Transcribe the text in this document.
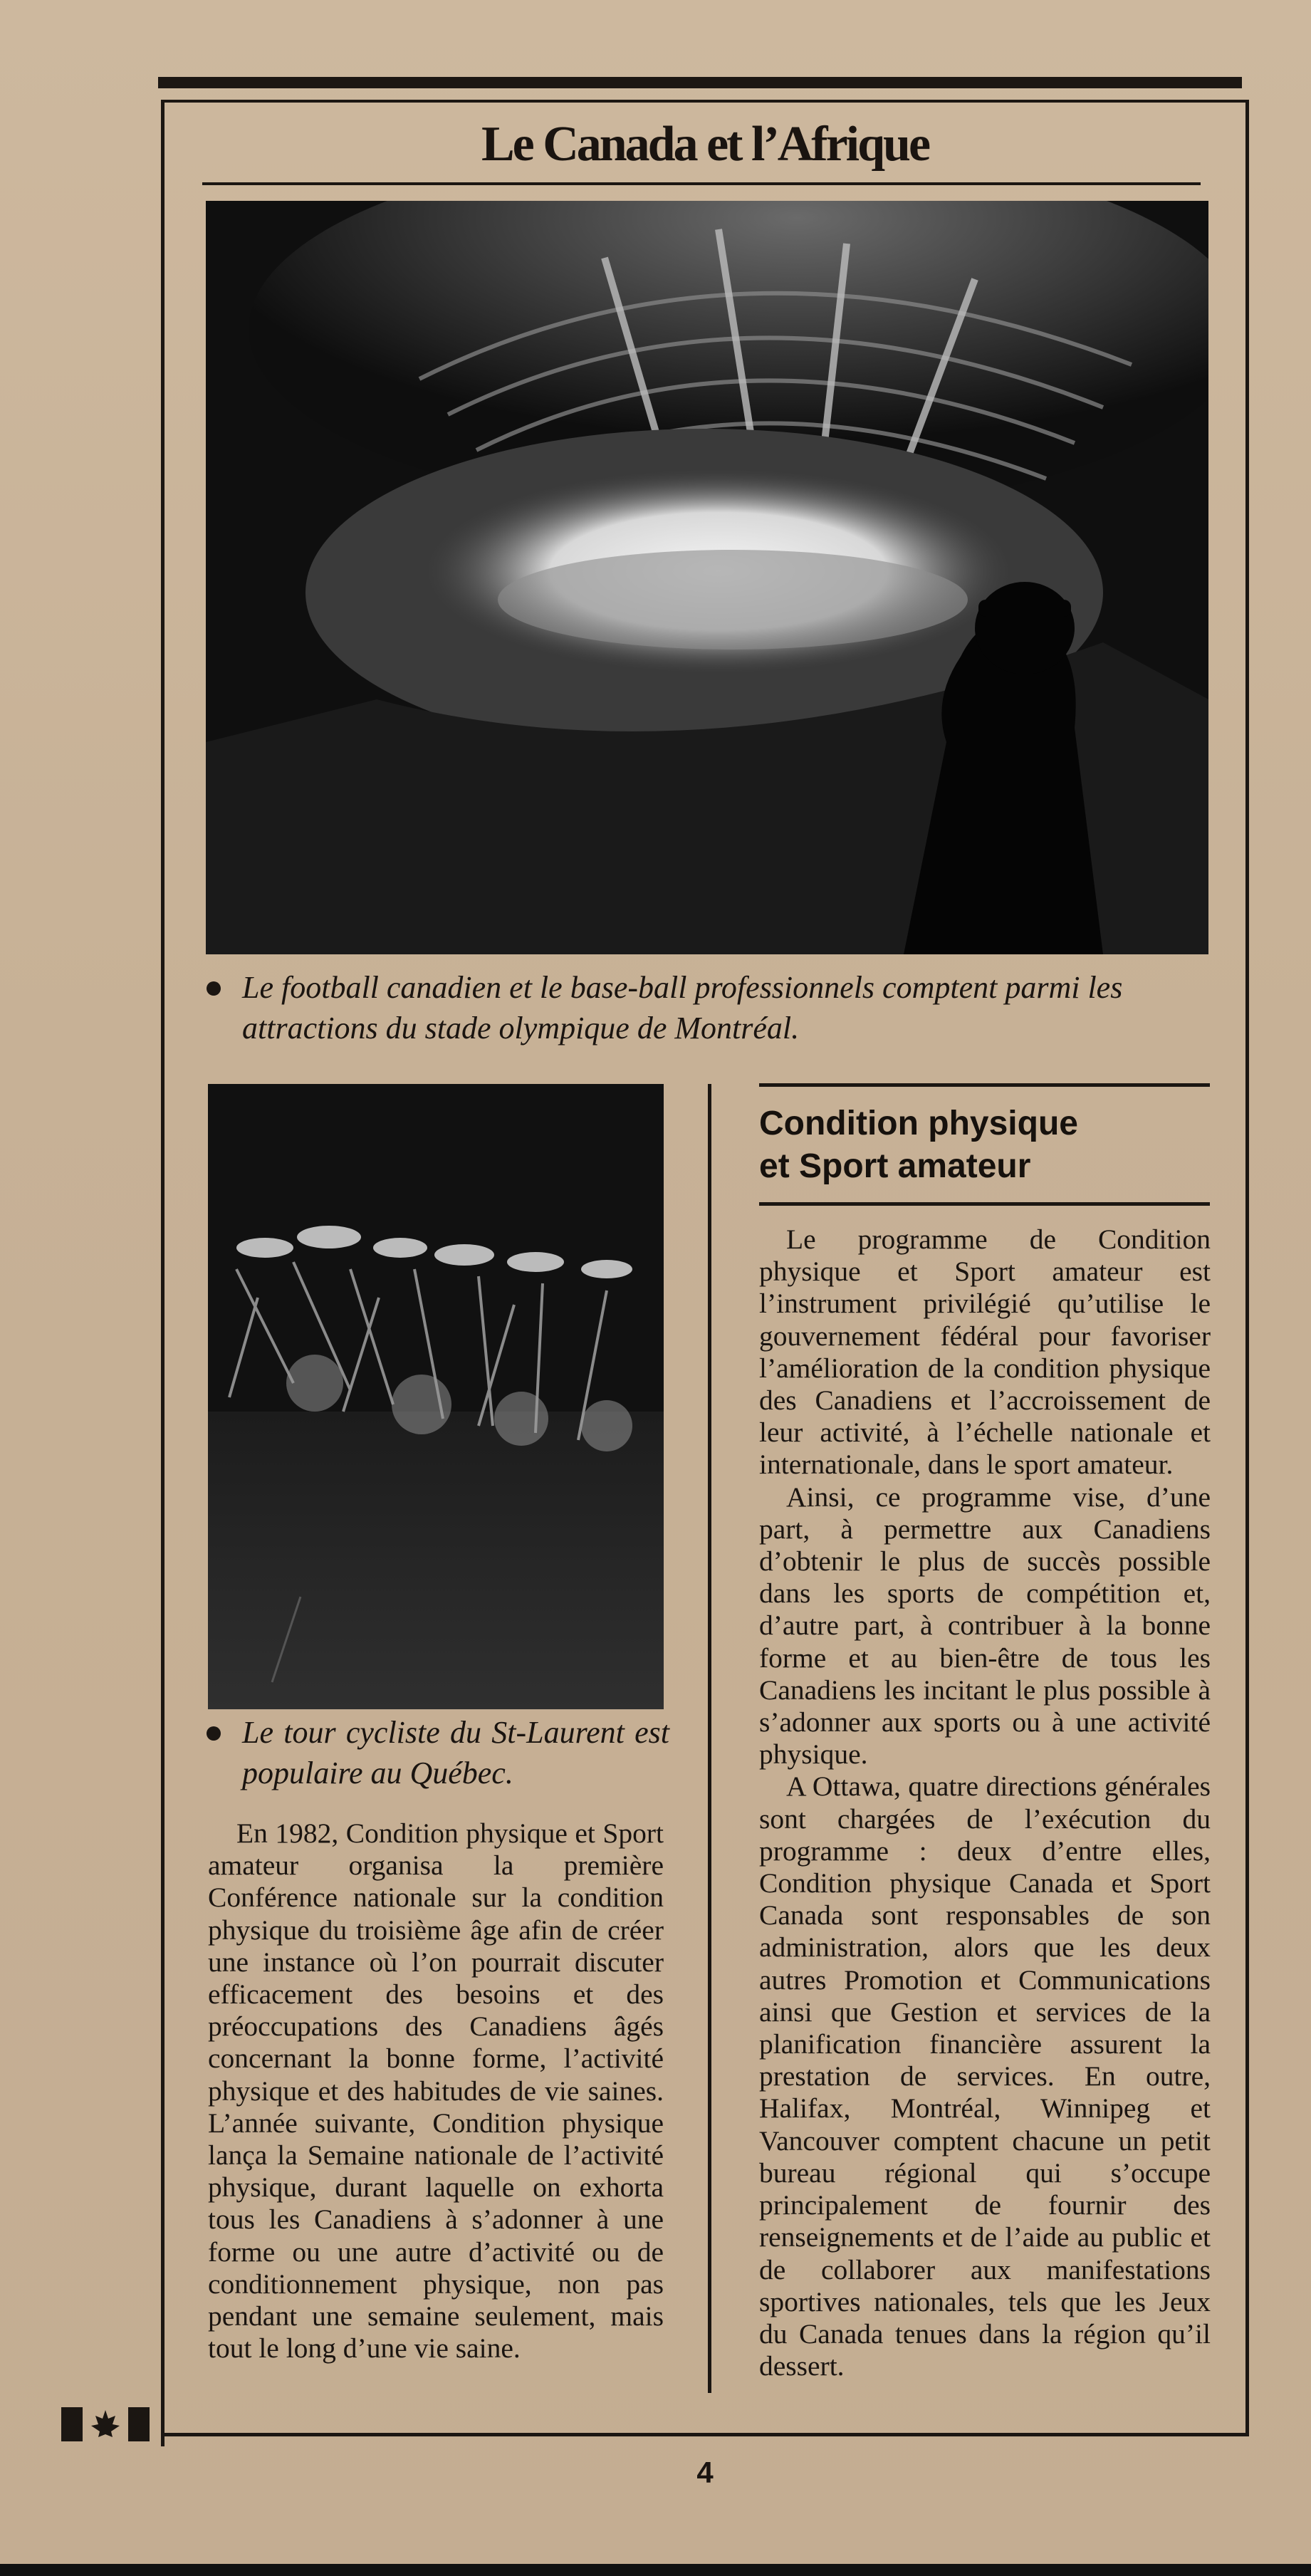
Le Canada et l’Afrique
Le football canadien et le base-ball professionnels comptent parmi les attractions du stade olympique de Montréal.
Le tour cycliste du St-Laurent est populaire au Québec.
Condition physique
et Sport amateur

Le programme de Condition physique et Sport amateur est l’instrument privilégié qu’utilise le gouvernement fédéral pour favoriser l’amélioration de la condition physique des Canadiens et l’accroissement de leur activité, à l’échelle nationale et internationale, dans le sport amateur.

Ainsi, ce programme vise, d’une part, à permettre aux Canadiens d’obtenir le plus de succès possible dans les sports de compétition et, d’autre part, à contribuer à la bonne forme et au bien-être de tous les Canadiens les incitant le plus possible à s’adonner aux sports ou à une activité physique.

A Ottawa, quatre directions générales sont chargées de l’exécution du programme : deux d’entre elles, Condition physique Canada et Sport Canada sont responsables de son administration, alors que les deux autres Promotion et Communications ainsi que Gestion et services de la planification financière assurent la prestation de services. En outre, Halifax, Montréal, Winnipeg et Vancouver comptent chacune un petit bureau régional qui s’occupe principalement de fournir des renseignements et de l’aide au public et de collaborer aux manifestations sportives nationales, tels que les Jeux du Canada tenues dans la région qu’il dessert.

En 1982, Condition physique et Sport amateur organisa la première Conférence nationale sur la condition physique du troisième âge afin de créer une instance où l’on pourrait discuter efficacement des besoins et des préoccupations des Canadiens âgés concernant la bonne forme, l’activité physique et des habitudes de vie saines. L’année suivante, Condition physique lança la Semaine nationale de l’activité physique, durant laquelle on exhorta tous les Canadiens à s’adonner à une forme ou une autre d’activité ou de conditionnement physique, non pas pendant une semaine seulement, mais tout le long d’une vie saine.

4
